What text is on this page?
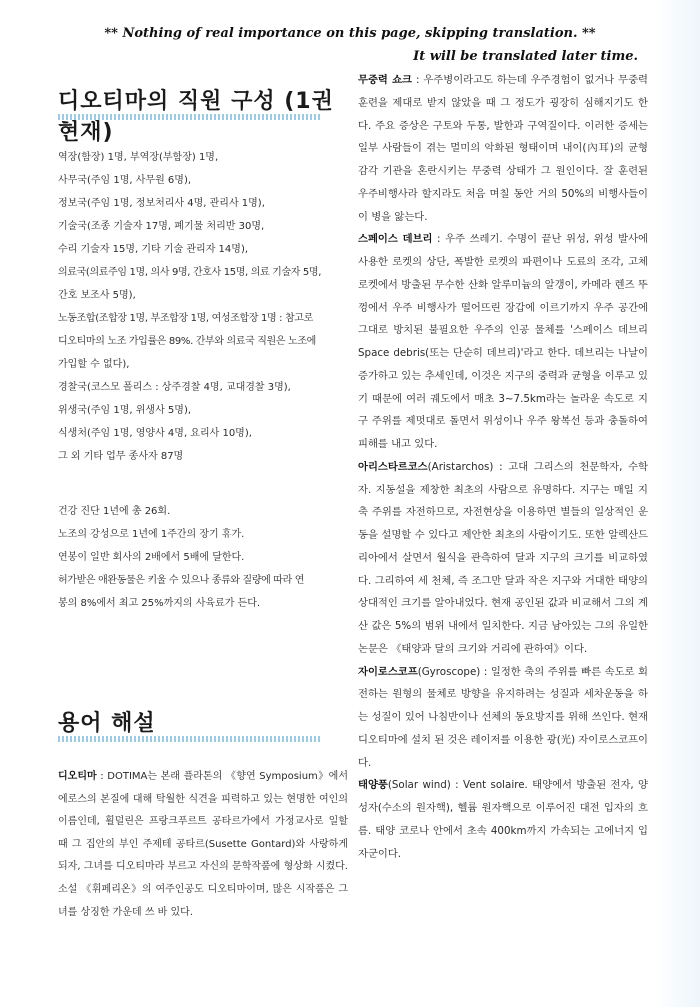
** Nothing of real importance on this page, skipping translation. **
It will be translated later time.
디오티마의 직원 구성 (1권 현재)

역장(함장) 1명, 부역장(부함장) 1명,

사무국(주임 1명, 사무원 6명),

정보국(주임 1명, 정보처리사 4명, 관리사 1명),

기술국(조종 기술자 17명, 폐기물 처리반 30명,

수리 기술자 15명, 기타 기술 관리자 14명),

의료국(의료주임 1명, 의사 9명, 간호사 15명, 의료 기술자 5명,

간호 보조사 5명),

노동조합(조합장 1명, 부조합장 1명, 여성조합장 1명 : 참고로

디오티마의 노조 가입률은 89%. 간부와 의료국 직원은 노조에

가입할 수 없다),

경찰국(코스모 폴리스 : 상주경찰 4명, 교대경찰 3명),

위생국(주임 1명, 위생사 5명),

식생처(주임 1명, 영양사 4명, 요리사 10명),

그 외 기타 업무 종사자 87명

건강 진단 1년에 총 26회.

노조의 강성으로 1년에 1주간의 장기 휴가.

연봉이 일반 회사의 2배에서 5배에 달한다.

허가받은 애완동물은 키울 수 있으나 종류와 질량에 따라 연

봉의 8%에서 최고 25%까지의 사육료가 든다.

용어 해설

디오티마 : DOTIMA는 본래 플라톤의 《향연 Symposium》에서 에로스의 본질에 대해 탁월한 식견을 피력하고 있는 현명한 여인의 이름인데, 횔덜린은 프랑크푸르트 공타르가에서 가정교사로 일할 때 그 집안의 부인 주제테 공타르(Susette Gontard)와 사랑하게 되자, 그녀를 디오티마라 부르고 자신의 문학작품에 형상화 시켰다. 소설 《휘페리온》의 여주인공도 디오티마이며, 많은 시작품은 그녀를 상징한 가운데 쓰 바 있다.

무중력 쇼크 : 우주병이라고도 하는데 우주경험이 없거나 무중력 훈련을 제대로 받지 않았을 때 그 정도가 굉장히 심해지기도 한다. 주요 증상은 구토와 두통, 발한과 구역질이다. 이러한 증세는 일부 사람들이 겪는 멀미의 악화된 형태이며 내이(內耳)의 균형감각 기관을 혼란시키는 무중력 상태가 그 원인이다. 잘 훈련된 우주비행사라 할지라도 처음 며칠 동안 거의 50%의 비행사들이 이 병을 앓는다.

스페이스 데브리 : 우주 쓰레기. 수명이 끝난 위성, 위성 발사에 사용한 로켓의 상단, 폭발한 로켓의 파편이나 도료의 조각, 고체 로켓에서 방출된 무수한 산화 알루미늄의 알갱이, 카메라 렌즈 뚜껑에서 우주 비행사가 떨어뜨린 장갑에 이르기까지 우주 공간에 그대로 방치된 불필요한 우주의 인공 물체를 '스페이스 데브리 Space debris(또는 단순히 데브리)'라고 한다. 데브리는 나날이 증가하고 있는 추세인데, 이것은 지구의 중력과 균형을 이루고 있기 때문에 여러 궤도에서 매초 3~7.5km라는 놀라운 속도로 지구 주위를 제멋대로 돌면서 위성이나 우주 왕복선 등과 충돌하여 피해를 내고 있다.

아리스타르코스(Aristarchos) : 고대 그리스의 천문학자, 수학자. 지동설을 제창한 최초의 사람으로 유명하다. 지구는 매일 지축 주위를 자전하므로, 자전현상을 이용하면 별들의 일상적인 운동을 설명할 수 있다고 제안한 최초의 사람이기도. 또한 알렉산드리아에서 살면서 월식을 관측하여 달과 지구의 크기를 비교하였다. 그리하여 세 천체, 즉 조그만 달과 작은 지구와 거대한 태양의 상대적인 크기를 알아내었다. 현재 공인된 값과 비교해서 그의 계산 값은 5%의 범위 내에서 일치한다. 지금 남아있는 그의 유일한 논문은 《태양과 달의 크기와 거리에 관하여》이다.

자이로스코프(Gyroscope) : 일정한 축의 주위를 빠른 속도로 회전하는 원형의 물체로 방향을 유지하려는 성질과 세차운동을 하는 성질이 있어 나침반이나 선체의 동요방지를 위해 쓰인다. 현재 디오티마에 설치 된 것은 레이저를 이용한 광(光) 자이로스코프이다.

태양풍(Solar wind) : Vent solaire. 태양에서 방출된 전자, 양성자(수소의 원자핵), 헬륨 원자핵으로 이루어진 대전 입자의 흐름. 태양 코로나 안에서 초속 400km까지 가속되는 고에너지 입자군이다.
